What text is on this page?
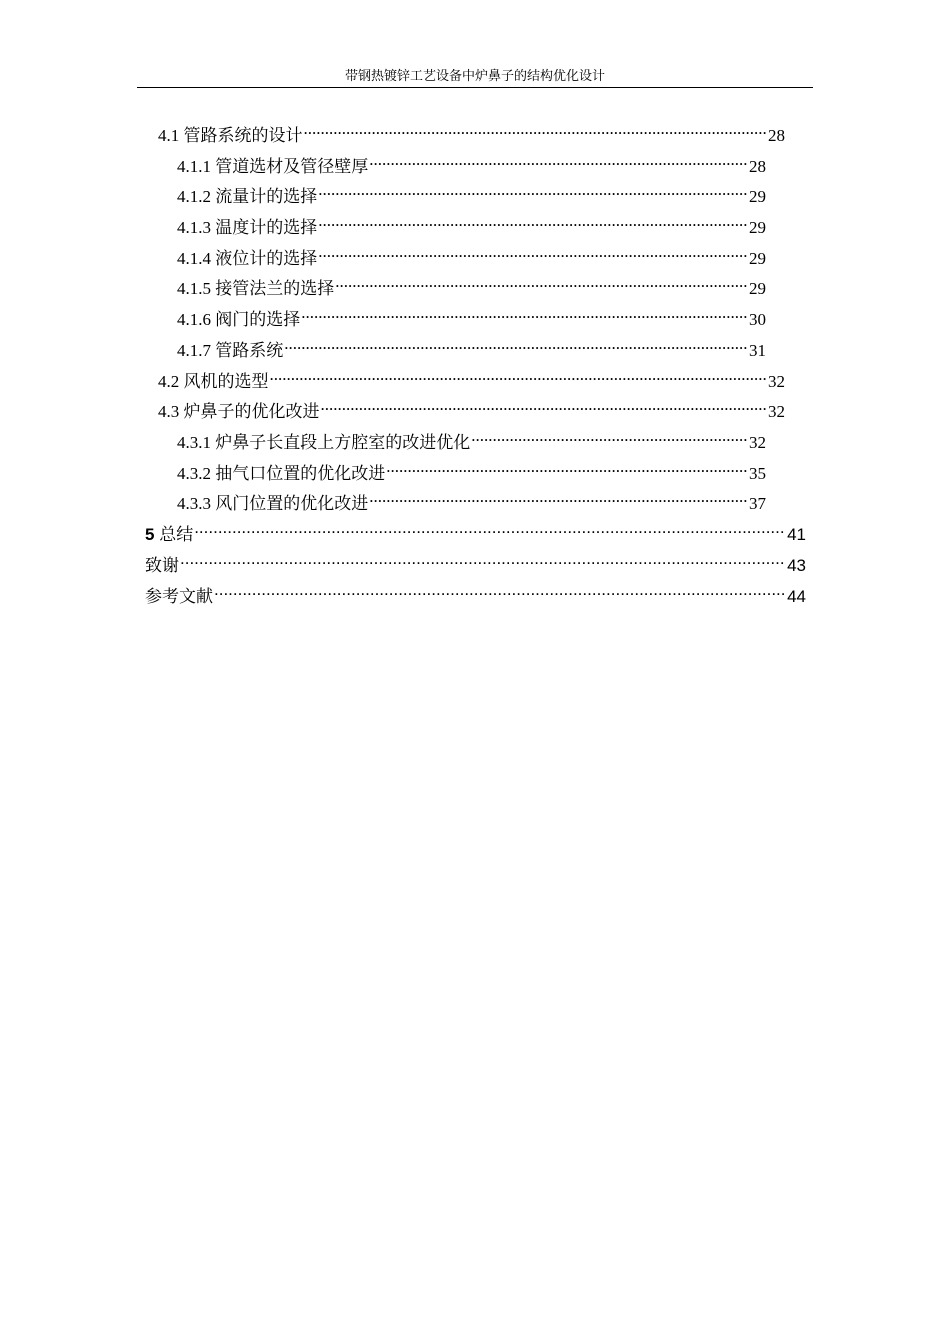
带钢热镀锌工艺设备中炉鼻子的结构优化设计
4.1 管路系统的设计 .....	28
4.1.1 管道选材及管径壁厚 .....	28
4.1.2 流量计的选择 .....	29
4.1.3 温度计的选择 .....	29
4.1.4 液位计的选择 .....	29
4.1.5 接管法兰的选择 .....	29
4.1.6 阀门的选择 .....	30
4.1.7 管路系统 .....	31
4.2 风机的选型 .....	32
4.3 炉鼻子的优化改进 .....	32
4.3.1 炉鼻子长直段上方腔室的改进优化 .....	32
4.3.2 抽气口位置的优化改进 .....	35
4.3.3 风门位置的优化改进 .....	37
5 总结 .....	41
致谢 .....	43
参考文献 .....	44
